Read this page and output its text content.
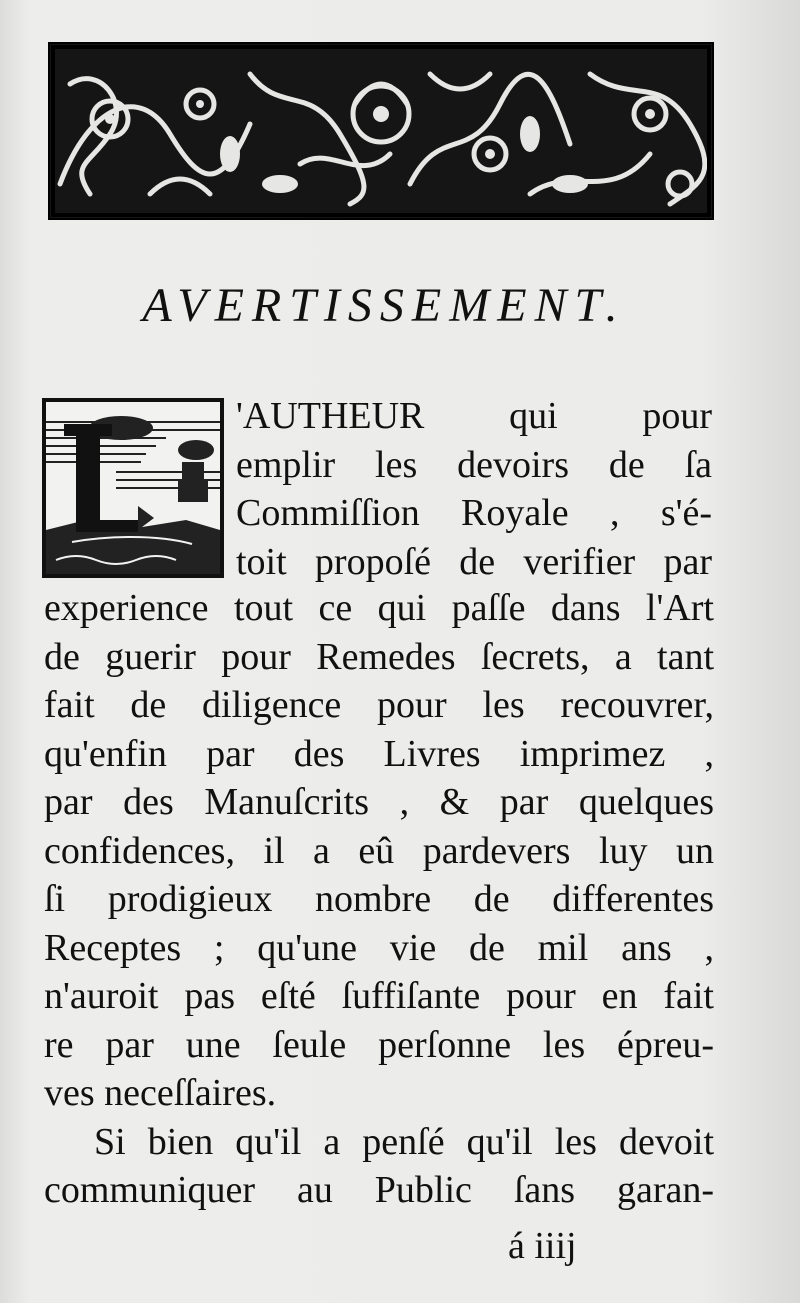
AVERTISSEMENT.
'AUTHEUR qui pour
emplir les devoirs de ſa
Commiſſion Royale , s'é-
toit propoſé de verifier par
experience tout ce qui paſſe dans l'Art
de guerir pour Remedes ſecrets, a tant
fait de diligence pour les recouvrer,
qu'enfin par des Livres imprimez ,
par des Manuſcrits , & par quelques
confidences, il a eû pardevers luy un
ſi prodigieux nombre de differentes
Receptes ; qu'une vie de mil ans ,
n'auroit pas eſté ſuffiſante pour en fait
re par une ſeule perſonne les épreu-
ves neceſſaires.
Si bien qu'il a penſé qu'il les devoit
communiquer au Public ſans garan-
á iiij
